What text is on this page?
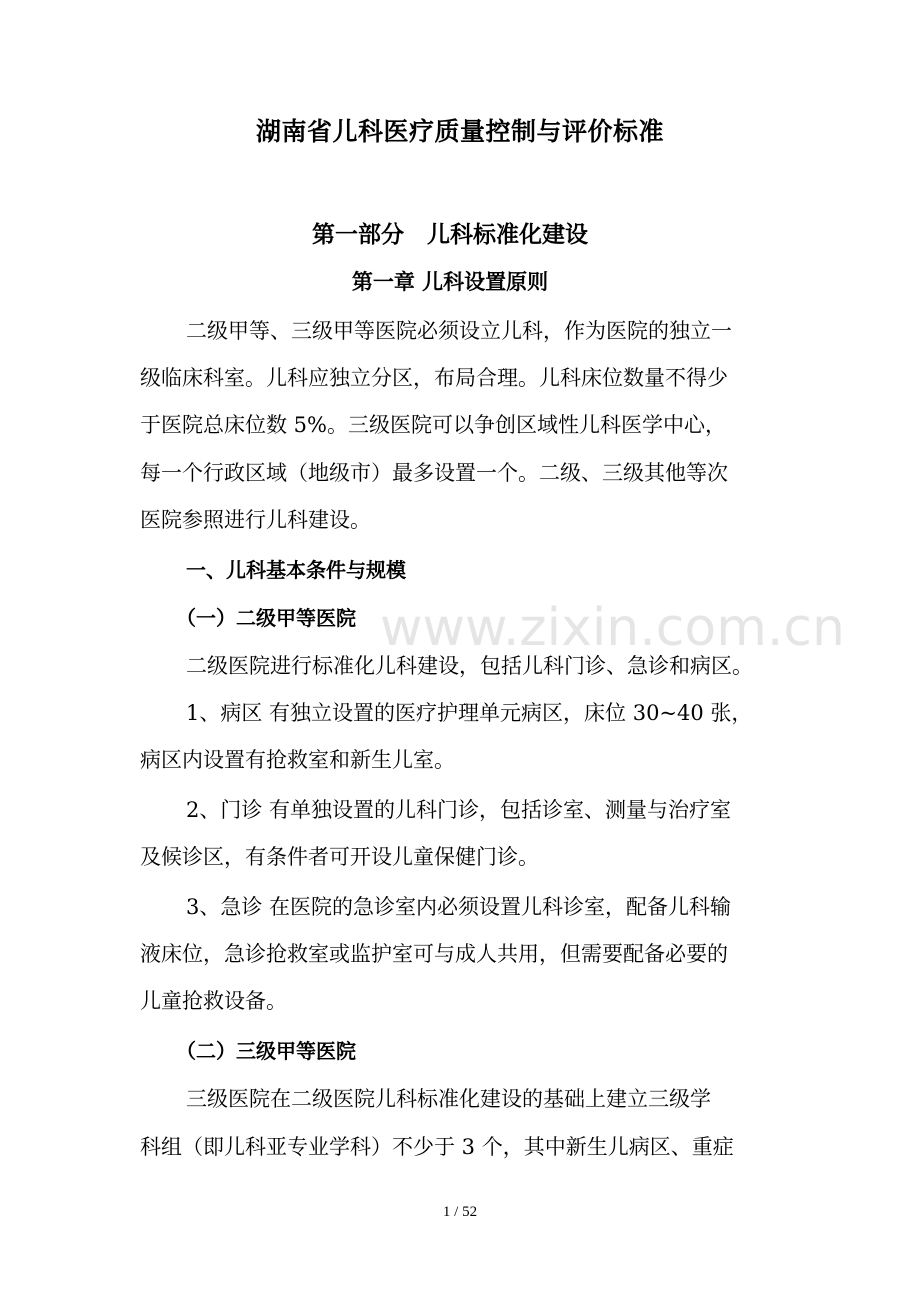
湖南省儿科医疗质量控制与评价标准
第一部分　儿科标准化建设
第一章 儿科设置原则
二级甲等、三级甲等医院必须设立儿科，作为医院的独立一
级临床科室。儿科应独立分区，布局合理。儿科床位数量不得少
于医院总床位数 5%。三级医院可以争创区域性儿科医学中心，
每一个行政区域（地级市）最多设置一个。二级、三级其他等次
医院参照进行儿科建设。
一、儿科基本条件与规模
（一）二级甲等医院
二级医院进行标准化儿科建设，包括儿科门诊、急诊和病区。
1、病区 有独立设置的医疗护理单元病区，床位 30~40 张，
病区内设置有抢救室和新生儿室。
2、门诊 有单独设置的儿科门诊，包括诊室、测量与治疗室
及候诊区，有条件者可开设儿童保健门诊。
3、急诊 在医院的急诊室内必须设置儿科诊室，配备儿科输
液床位，急诊抢救室或监护室可与成人共用，但需要配备必要的
儿童抢救设备。
（二）三级甲等医院
三级医院在二级医院儿科标准化建设的基础上建立三级学
科组（即儿科亚专业学科）不少于 3 个，其中新生儿病区、重症
www.zixin.com.cn
1 / 52
